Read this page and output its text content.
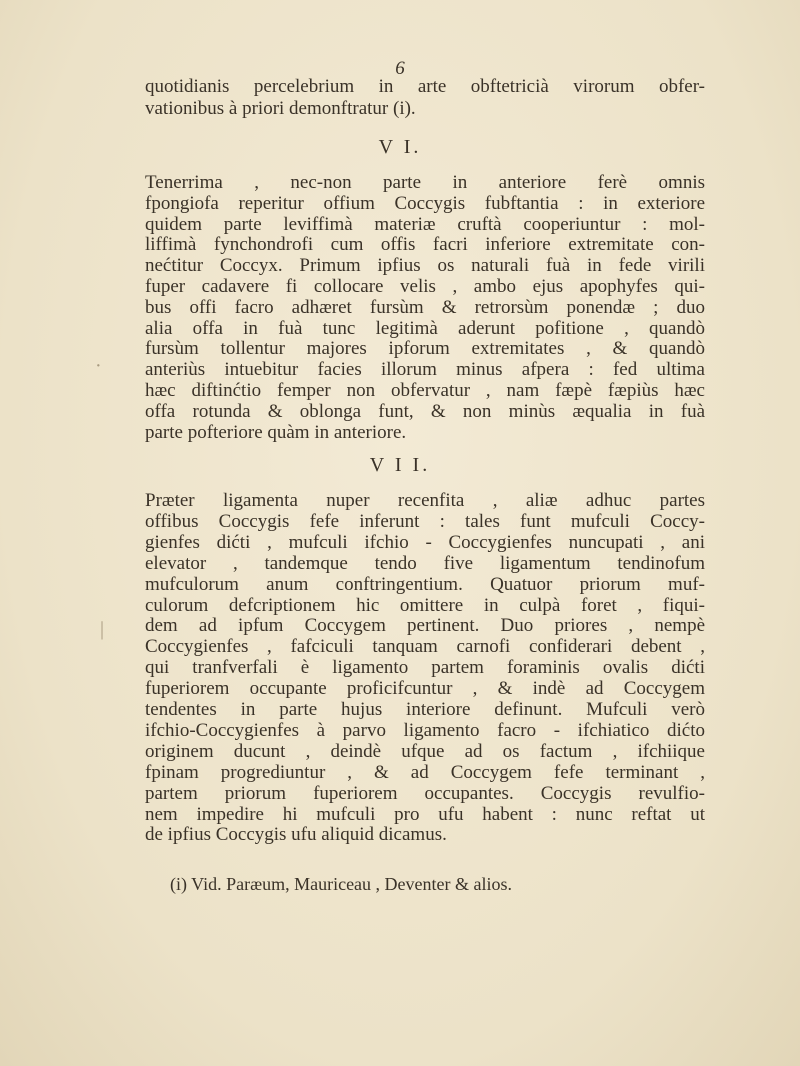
6
quotidianis percelebrium in arte obftetricià virorum obfer-
vationibus à priori demonftratur (i).
V I.
Tenerrima , nec-non parte in anteriore ferè omnis
fpongiofa reperitur offium Coccygis fubftantia : in exteriore
quidem parte leviffimà materiæ cruftà cooperiuntur : mol-
liffimà fynchondrofi cum offis facri inferiore extremitate con-
nećtitur Coccyx. Primum ipfius os naturali fuà in fede virili
fuper cadavere fi collocare velis , ambo ejus apophyfes qui-
bus offi facro adhæret fursùm & retrorsùm ponendæ ; duo
alia offa in fuà tunc legitimà aderunt pofitione , quandò
fursùm tollentur majores ipforum extremitates , & quandò
anteriùs intuebitur facies illorum minus afpera : fed ultima
hæc diftinćtio femper non obfervatur , nam fæpè fæpiùs hæc
offa rotunda & oblonga funt, & non minùs æqualia in fuà
parte pofteriore quàm in anteriore.
V I I.
Præter ligamenta nuper recenfita , aliæ adhuc partes
offibus Coccygis fefe inferunt : tales funt mufculi Coccy-
gienfes dićti , mufculi ifchio - Coccygienfes nuncupati , ani
elevator , tandemque tendo five ligamentum tendinofum
mufculorum anum conftringentium. Quatuor priorum muf-
culorum defcriptionem hic omittere in culpà foret , fiqui-
dem ad ipfum Coccygem pertinent. Duo priores , nempè
Coccygienfes , fafciculi tanquam carnofi confiderari debent ,
qui tranfverfali è ligamento partem foraminis ovalis dićti
fuperiorem occupante proficifcuntur , & indè ad Coccygem
tendentes in parte hujus interiore definunt. Mufculi verò
ifchio-Coccygienfes à parvo ligamento facro - ifchiatico dićto
originem ducunt , deindè ufque ad os factum , ifchiique
fpinam progrediuntur , & ad Coccygem fefe terminant ,
partem priorum fuperiorem occupantes. Coccygis revulfio-
nem impedire hi mufculi pro ufu habent : nunc reftat ut
de ipfius Coccygis ufu aliquid dicamus.
(i) Vid. Paræum, Mauriceau , Deventer & alios.
·
|
